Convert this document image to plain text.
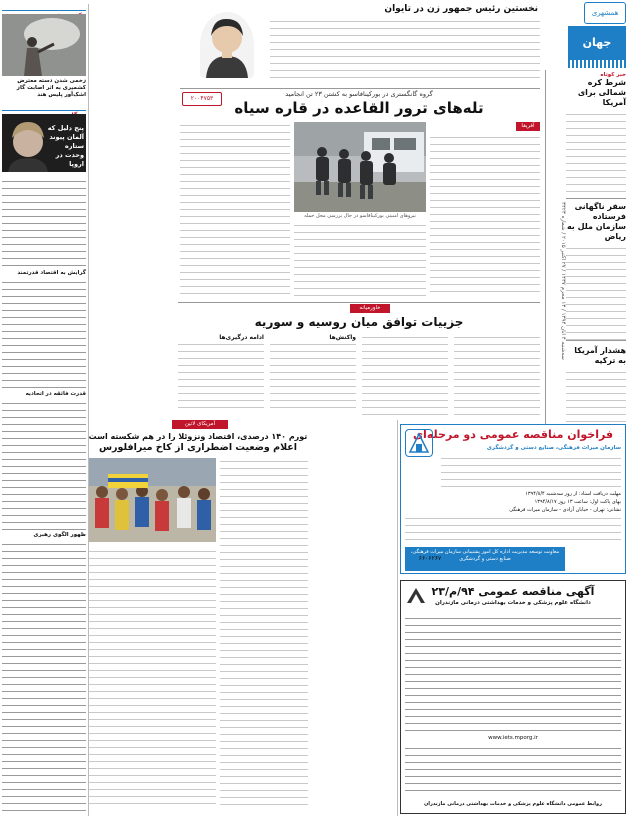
همشهری
جهان
سه‌شنبه ۴ آبان ۱۳۹۴ / ۱۳ محرم ۱۴۳۷ / ۲۷ اکتبر ۲۰۱۵ / شماره ۳۴۲۳
خبر کوتاه
شرط کره شمالی برای آمریکا
سفر ناگهانی فرستاده سازمان ملل به ریاض
هشدار آمریکا به ترکیه
نخستین رئیس جمهور زن در تایوان
گروه گانگستری در بورکینافاسو به کشتن ۲۳ تن انجامید
تله‌های ترور القاعده در قاره سیاه
۲۰۰۴۷۵۳
آفریقا
نیروهای امنیتی بورکینافاسو در حال بررسی محل حمله
خاورمیانه
جزییات توافق میان روسیه و سوریه
واکنش‌ها
ادامه درگیری‌ها
آمریکای لاتین
تورم ۱۴۰ درصدی، اقتصاد ونزوئلا را در هم شکسته است
اعلام وضعیت اضطراری از کاخ میرافلورس
زخمی شدن دسته معترض کشمیری به اثر اصابت گاز اشک‌آور پلیس هند
پنج دلیل که آلمان پیوند ستاره وحدت در اروپا
گرایش به اقتصاد قدرتمند
قدرت فائقه در اتحادیه
ظهور الگوی رهبری
فراخوان مناقصه عمومی دو مرحله‌ای
سازمان میراث فرهنگی، صنایع دستی و گردشگری
مهلت دریافت اسناد: از روز سه‌شنبه ۱۳۹۴/۸/۴
بهای پاکت اول: ساعت ۱۳ روز ۱۳۹۴/۸/۱۷
نشانی: تهران - خیابان آزادی - سازمان میراث فرهنگی
معاونت توسعه مدیریت اداره کل امور پشتیبانی سازمان میراث فرهنگی، صنایع دستی و گردشگری
۶۶۰۶۲۶۷
آگهی مناقصه عمومی ۹۴/م/۲۳
دانشگاه علوم پزشکی و خدمات بهداشتی درمانی مازندران
www.iets.mporg.ir
روابط عمومی دانشگاه علوم پزشکی و خدمات بهداشتی درمانی مازندران
